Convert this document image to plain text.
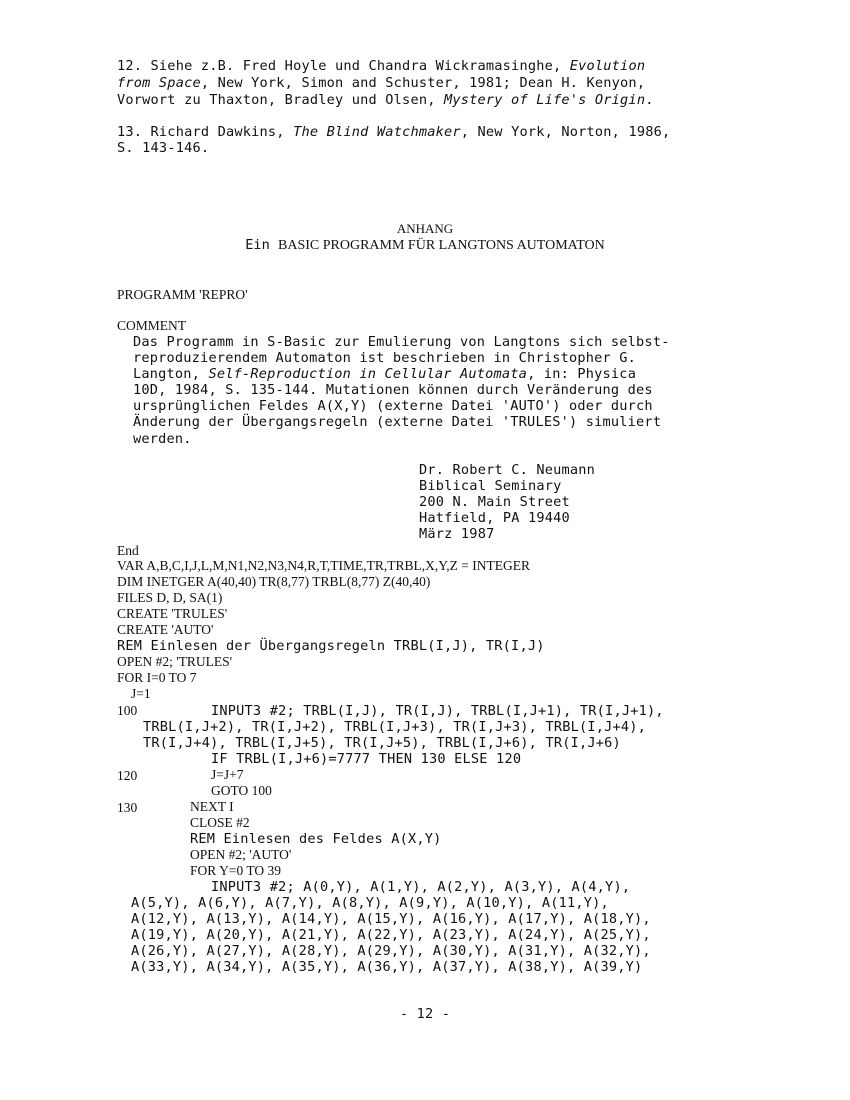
12. Siehe z.B. Fred Hoyle und Chandra Wickramasinghe, Evolution
from Space, New York, Simon and Schuster, 1981; Dean H. Kenyon,
Vorwort zu Thaxton, Bradley und Olsen, Mystery of Life's Origin.
13. Richard Dawkins, The Blind Watchmaker, New York, Norton, 1986,
S. 143-146.
ANHANG
Ein BASIC PROGRAMM FÜR LANGTONS AUTOMATON
PROGRAMM 'REPRO'
COMMENT
Das Programm in S-Basic zur Emulierung von Langtons sich selbst-
reproduzierendem Automaton ist beschrieben in Christopher G.
Langton, Self-Reproduction in Cellular Automata, in: Physica
10D, 1984, S. 135-144. Mutationen können durch Veränderung des
ursprünglichen Feldes A(X,Y) (externe Datei 'AUTO') oder durch
Änderung der Übergangsregeln (externe Datei 'TRULES') simuliert
werden.
Dr. Robert C. Neumann
Biblical Seminary
200 N. Main Street
Hatfield, PA 19440
März 1987
End
VAR A,B,C,I,J,L,M,N1,N2,N3,N4,R,T,TIME,TR,TRBL,X,Y,Z = INTEGER
DIM INETGER A(40,40) TR(8,77) TRBL(8,77) Z(40,40)
FILES D, D, SA(1)
CREATE 'TRULES'
CREATE 'AUTO'
REM Einlesen der Übergangsregeln TRBL(I,J), TR(I,J)
OPEN #2; 'TRULES'
FOR I=0 TO 7
J=1
100	INPUT3 #2; TRBL(I,J), TR(I,J), TRBL(I,J+1), TR(I,J+1),
TRBL(I,J+2), TR(I,J+2), TRBL(I,J+3), TR(I,J+3), TRBL(I,J+4),
TR(I,J+4), TRBL(I,J+5), TR(I,J+5), TRBL(I,J+6), TR(I,J+6)
IF TRBL(I,J+6)=7777 THEN 130 ELSE 120
120	J=J+7
GOTO 100
130	NEXT I
CLOSE #2
REM Einlesen des Feldes A(X,Y)
OPEN #2; 'AUTO'
FOR Y=0 TO 39
INPUT3 #2; A(0,Y), A(1,Y), A(2,Y), A(3,Y), A(4,Y),
A(5,Y), A(6,Y), A(7,Y), A(8,Y), A(9,Y), A(10,Y), A(11,Y),
A(12,Y), A(13,Y), A(14,Y), A(15,Y), A(16,Y), A(17,Y), A(18,Y),
A(19,Y), A(20,Y), A(21,Y), A(22,Y), A(23,Y), A(24,Y), A(25,Y),
A(26,Y), A(27,Y), A(28,Y), A(29,Y), A(30,Y), A(31,Y), A(32,Y),
A(33,Y), A(34,Y), A(35,Y), A(36,Y), A(37,Y), A(38,Y), A(39,Y)
- 12 -
